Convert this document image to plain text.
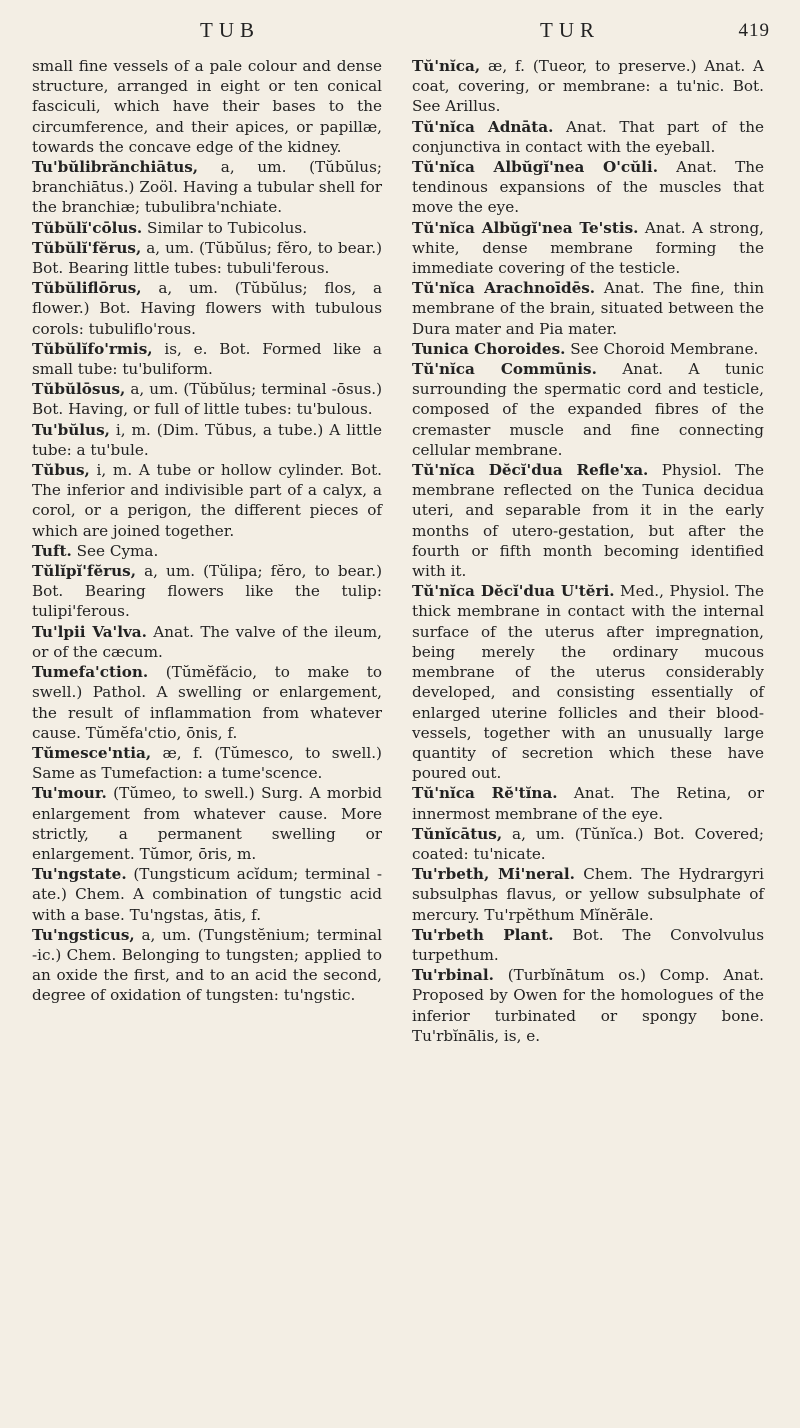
TUB	TUR	419

small fine vessels of a pale colour and dense structure, arranged in eight or ten conical fasciculi, which have their bases to the circumference, and their apices, or papillæ, towards the concave edge of the kidney.

Tu'bŭlibrănchiātus, a, um. (Tŭbŭlus; branchiātus.) Zoöl. Having a tubular shell for the branchiæ; tubulibra'nchiate.

Tŭbŭlĭ'cōlus. Similar to Tubicolus.

Tŭbŭlĭ'fĕrus, a, um. (Tŭbŭlus; fĕro, to bear.) Bot. Bearing little tubes: tubuli'ferous.

Tŭbŭliflōrus, a, um. (Tŭbŭlus; flos, a flower.) Bot. Having flowers with tubulous corols: tubuliflo'rous.

Tŭbŭlĭfo'rmis, is, e. Bot. Formed like a small tube: tu'buliform.

Tŭbŭlōsus, a, um. (Tŭbŭlus; terminal -ōsus.) Bot. Having, or full of little tubes: tu'bulous.

Tu'bŭlus, i, m. (Dim. Tŭbus, a tube.) A little tube: a tu'bule.

Tŭbus, i, m. A tube or hollow cylinder. Bot. The inferior and indivisible part of a calyx, a corol, or a perigon, the different pieces of which are joined together.

Tuft. See Cyma.

Tŭlĭpĭ'fĕrus, a, um. (Tŭlipa; fĕro, to bear.) Bot. Bearing flowers like the tulip: tulipi'ferous.

Tu'lpii Va'lva. Anat. The valve of the ileum, or of the cæcum.

Tumefa'ction. (Tŭmĕfăcio, to make to swell.) Pathol. A swelling or enlargement, the result of inflammation from whatever cause. Tŭmĕfa'ctio, ōnis, f.

Tŭmesce'ntia, æ, f. (Tŭmesco, to swell.) Same as Tumefaction: a tume'scence.

Tu'mour. (Tŭmeo, to swell.) Surg. A morbid enlargement from whatever cause. More strictly, a permanent swelling or enlargement. Tŭmor, ōris, m.

Tu'ngstate. (Tungsticum acĭdum; terminal -ate.) Chem. A combination of tungstic acid with a base. Tu'ngstas, ātis, f.

Tu'ngsticus, a, um. (Tungstĕnium; terminal -ic.) Chem. Belonging to tungsten; applied to an oxide the first, and to an acid the second, degree of oxidation of tungsten: tu'ngstic.

Tŭ'nĭca, æ, f. (Tueor, to preserve.) Anat. A coat, covering, or membrane: a tu'nic. Bot. See Arillus.

Tŭ'nĭca Adnāta. Anat. That part of the conjunctiva in contact with the eyeball.

Tŭ'nĭca Albŭgĭ'nea O'cŭli. Anat. The tendinous expansions of the muscles that move the eye.

Tŭ'nĭca Albŭgĭ'nea Te'stis. Anat. A strong, white, dense membrane forming the immediate covering of the testicle.

Tŭ'nĭca Arachnoīdēs. Anat. The fine, thin membrane of the brain, situated between the Dura mater and Pia mater.

Tunica Choroides. See Choroid Membrane.

Tŭ'nĭca Commūnis. Anat. A tunic surrounding the spermatic cord and testicle, composed of the expanded fibres of the cremaster muscle and fine connecting cellular membrane.

Tŭ'nĭca Dĕcĭ'dua Refle'xa. Physiol. The membrane reflected on the Tunica decidua uteri, and separable from it in the early months of utero-gestation, but after the fourth or fifth month becoming identified with it.

Tŭ'nĭca Dĕcĭ'dua U'tĕri. Med., Physiol. The thick membrane in contact with the internal surface of the uterus after impregnation, being merely the ordinary mucous membrane of the uterus considerably developed, and consisting essentially of enlarged uterine follicles and their blood-vessels, together with an unusually large quantity of secretion which these have poured out.

Tŭ'nĭca Rĕ'tĭna. Anat. The Retina, or innermost membrane of the eye.

Tŭnĭcātus, a, um. (Tŭnĭca.) Bot. Covered; coated: tu'nicate.

Tu'rbeth, Mi'neral. Chem. The Hydrargyri subsulphas flavus, or yellow subsulphate of mercury. Tu'rpĕthum Mĭnĕrāle.

Tu'rbeth Plant. Bot. The Convolvulus turpethum.

Tu'rbinal. (Turbĭnātum os.) Comp. Anat. Proposed by Owen for the homologues of the inferior turbinated or spongy bone. Tu'rbĭnālis, is, e.
